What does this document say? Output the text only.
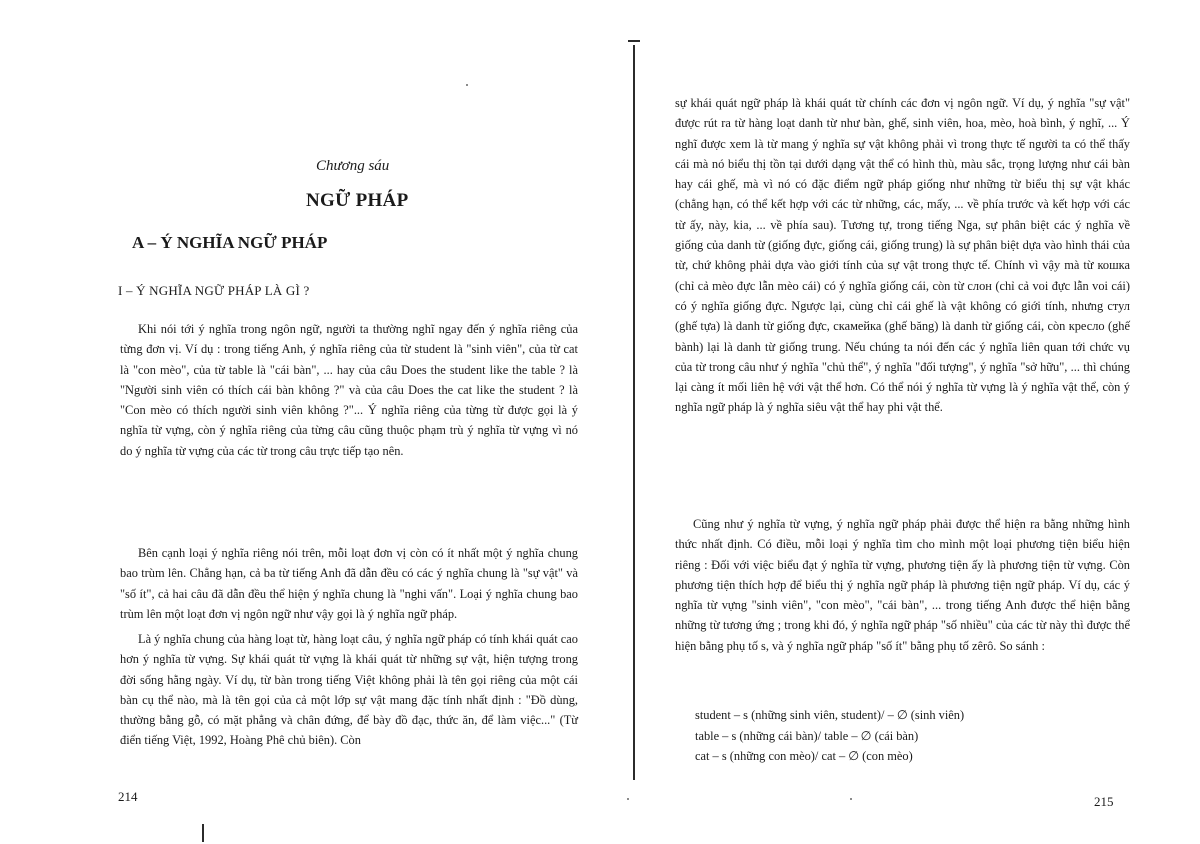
Chương sáu
NGỮ PHÁP
A – Ý NGHĨA NGỮ PHÁP
I – Ý NGHĨA NGỮ PHÁP LÀ GÌ ?

Khi nói tới ý nghĩa trong ngôn ngữ, người ta thường nghĩ ngay đến ý nghĩa riêng của từng đơn vị. Ví dụ : trong tiếng Anh, ý nghĩa riêng của từ student là "sinh viên", của từ cat là "con mèo", của từ table là "cái bàn", ... hay của câu Does the student like the table ? là "Người sinh viên có thích cái bàn không ?" và của câu Does the cat like the student ? là "Con mèo có thích người sinh viên không ?"... Ý nghĩa riêng của từng từ được gọi là ý nghĩa từ vựng, còn ý nghĩa riêng của từng câu cũng thuộc phạm trù ý nghĩa từ vựng vì nó do ý nghĩa từ vựng của các từ trong câu trực tiếp tạo nên.

Bên cạnh loại ý nghĩa riêng nói trên, mỗi loạt đơn vị còn có ít nhất một ý nghĩa chung bao trùm lên. Chẳng hạn, cả ba từ tiếng Anh đã dẫn đều có các ý nghĩa chung là "sự vật" và "số ít", cả hai câu đã dẫn đều thể hiện ý nghĩa chung là "nghi vấn". Loại ý nghĩa chung bao trùm lên một loạt đơn vị ngôn ngữ như vậy gọi là ý nghĩa ngữ pháp.

Là ý nghĩa chung của hàng loạt từ, hàng loạt câu, ý nghĩa ngữ pháp có tính khái quát cao hơn ý nghĩa từ vựng. Sự khái quát từ vựng là khái quát từ những sự vật, hiện tượng trong đời sống hằng ngày. Ví dụ, từ bàn trong tiếng Việt không phải là tên gọi riêng của một cái bàn cụ thể nào, mà là tên gọi của cả một lớp sự vật mang đặc tính nhất định : "Đồ dùng, thường bằng gỗ, có mặt phẳng và chân đứng, để bày đồ đạc, thức ăn, để làm việc..." (Từ điển tiếng Việt, 1992, Hoàng Phê chủ biên). Còn

214

sự khái quát ngữ pháp là khái quát từ chính các đơn vị ngôn ngữ. Ví dụ, ý nghĩa "sự vật" được rút ra từ hàng loạt danh từ như bàn, ghế, sinh viên, hoa, mèo, hoà bình, ý nghĩ, ... Ý nghĩ được xem là từ mang ý nghĩa sự vật không phải vì trong thực tế người ta có thể thấy cái mà nó biểu thị tồn tại dưới dạng vật thể có hình thù, màu sắc, trọng lượng như cái bàn hay cái ghế, mà vì nó có đặc điểm ngữ pháp giống như những từ biểu thị sự vật khác (chẳng hạn, có thể kết hợp với các từ những, các, mấy, ... về phía trước và kết hợp với các từ ấy, này, kia, ... về phía sau). Tương tự, trong tiếng Nga, sự phân biệt các ý nghĩa về giống của danh từ (giống đực, giống cái, giống trung) là sự phân biệt dựa vào hình thái của từ, chứ không phải dựa vào giới tính của sự vật trong thực tế. Chính vì vậy mà từ кошка (chỉ cả mèo đực lẫn mèo cái) có ý nghĩa giống cái, còn từ слон (chỉ cả voi đực lẫn voi cái) có ý nghĩa giống đực. Ngược lại, cùng chỉ cái ghế là vật không có giới tính, nhưng стул (ghế tựa) là danh từ giống đực, скамейка (ghế băng) là danh từ giống cái, còn кресло (ghế bành) lại là danh từ giống trung. Nếu chúng ta nói đến các ý nghĩa liên quan tới chức vụ của từ trong câu như ý nghĩa "chủ thể", ý nghĩa "đối tượng", ý nghĩa "sở hữu", ... thì chúng lại càng ít mối liên hệ với vật thể hơn. Có thể nói ý nghĩa từ vựng là ý nghĩa vật thể, còn ý nghĩa ngữ pháp là ý nghĩa siêu vật thể hay phi vật thể.

Cũng như ý nghĩa từ vựng, ý nghĩa ngữ pháp phải được thể hiện ra bằng những hình thức nhất định. Có điều, mỗi loại ý nghĩa tìm cho mình một loại phương tiện biểu hiện riêng : Đối với việc biểu đạt ý nghĩa từ vựng, phương tiện ấy là phương tiện từ vựng. Còn phương tiện thích hợp để biểu thị ý nghĩa ngữ pháp là phương tiện ngữ pháp. Ví dụ, các ý nghĩa từ vựng "sinh viên", "con mèo", "cái bàn", ... trong tiếng Anh được thể hiện bằng những từ tương ứng ; trong khi đó, ý nghĩa ngữ pháp "số nhiều" của các từ này thì được thể hiện bằng phụ tố s, và ý nghĩa ngữ pháp "số ít" bằng phụ tố zêrô. So sánh :

student – s (những sinh viên, student)/ – ∅ (sinh viên)
table – s (những cái bàn)/ table – ∅ (cái bàn)
cat – s (những con mèo)/ cat – ∅ (con mèo)
215
